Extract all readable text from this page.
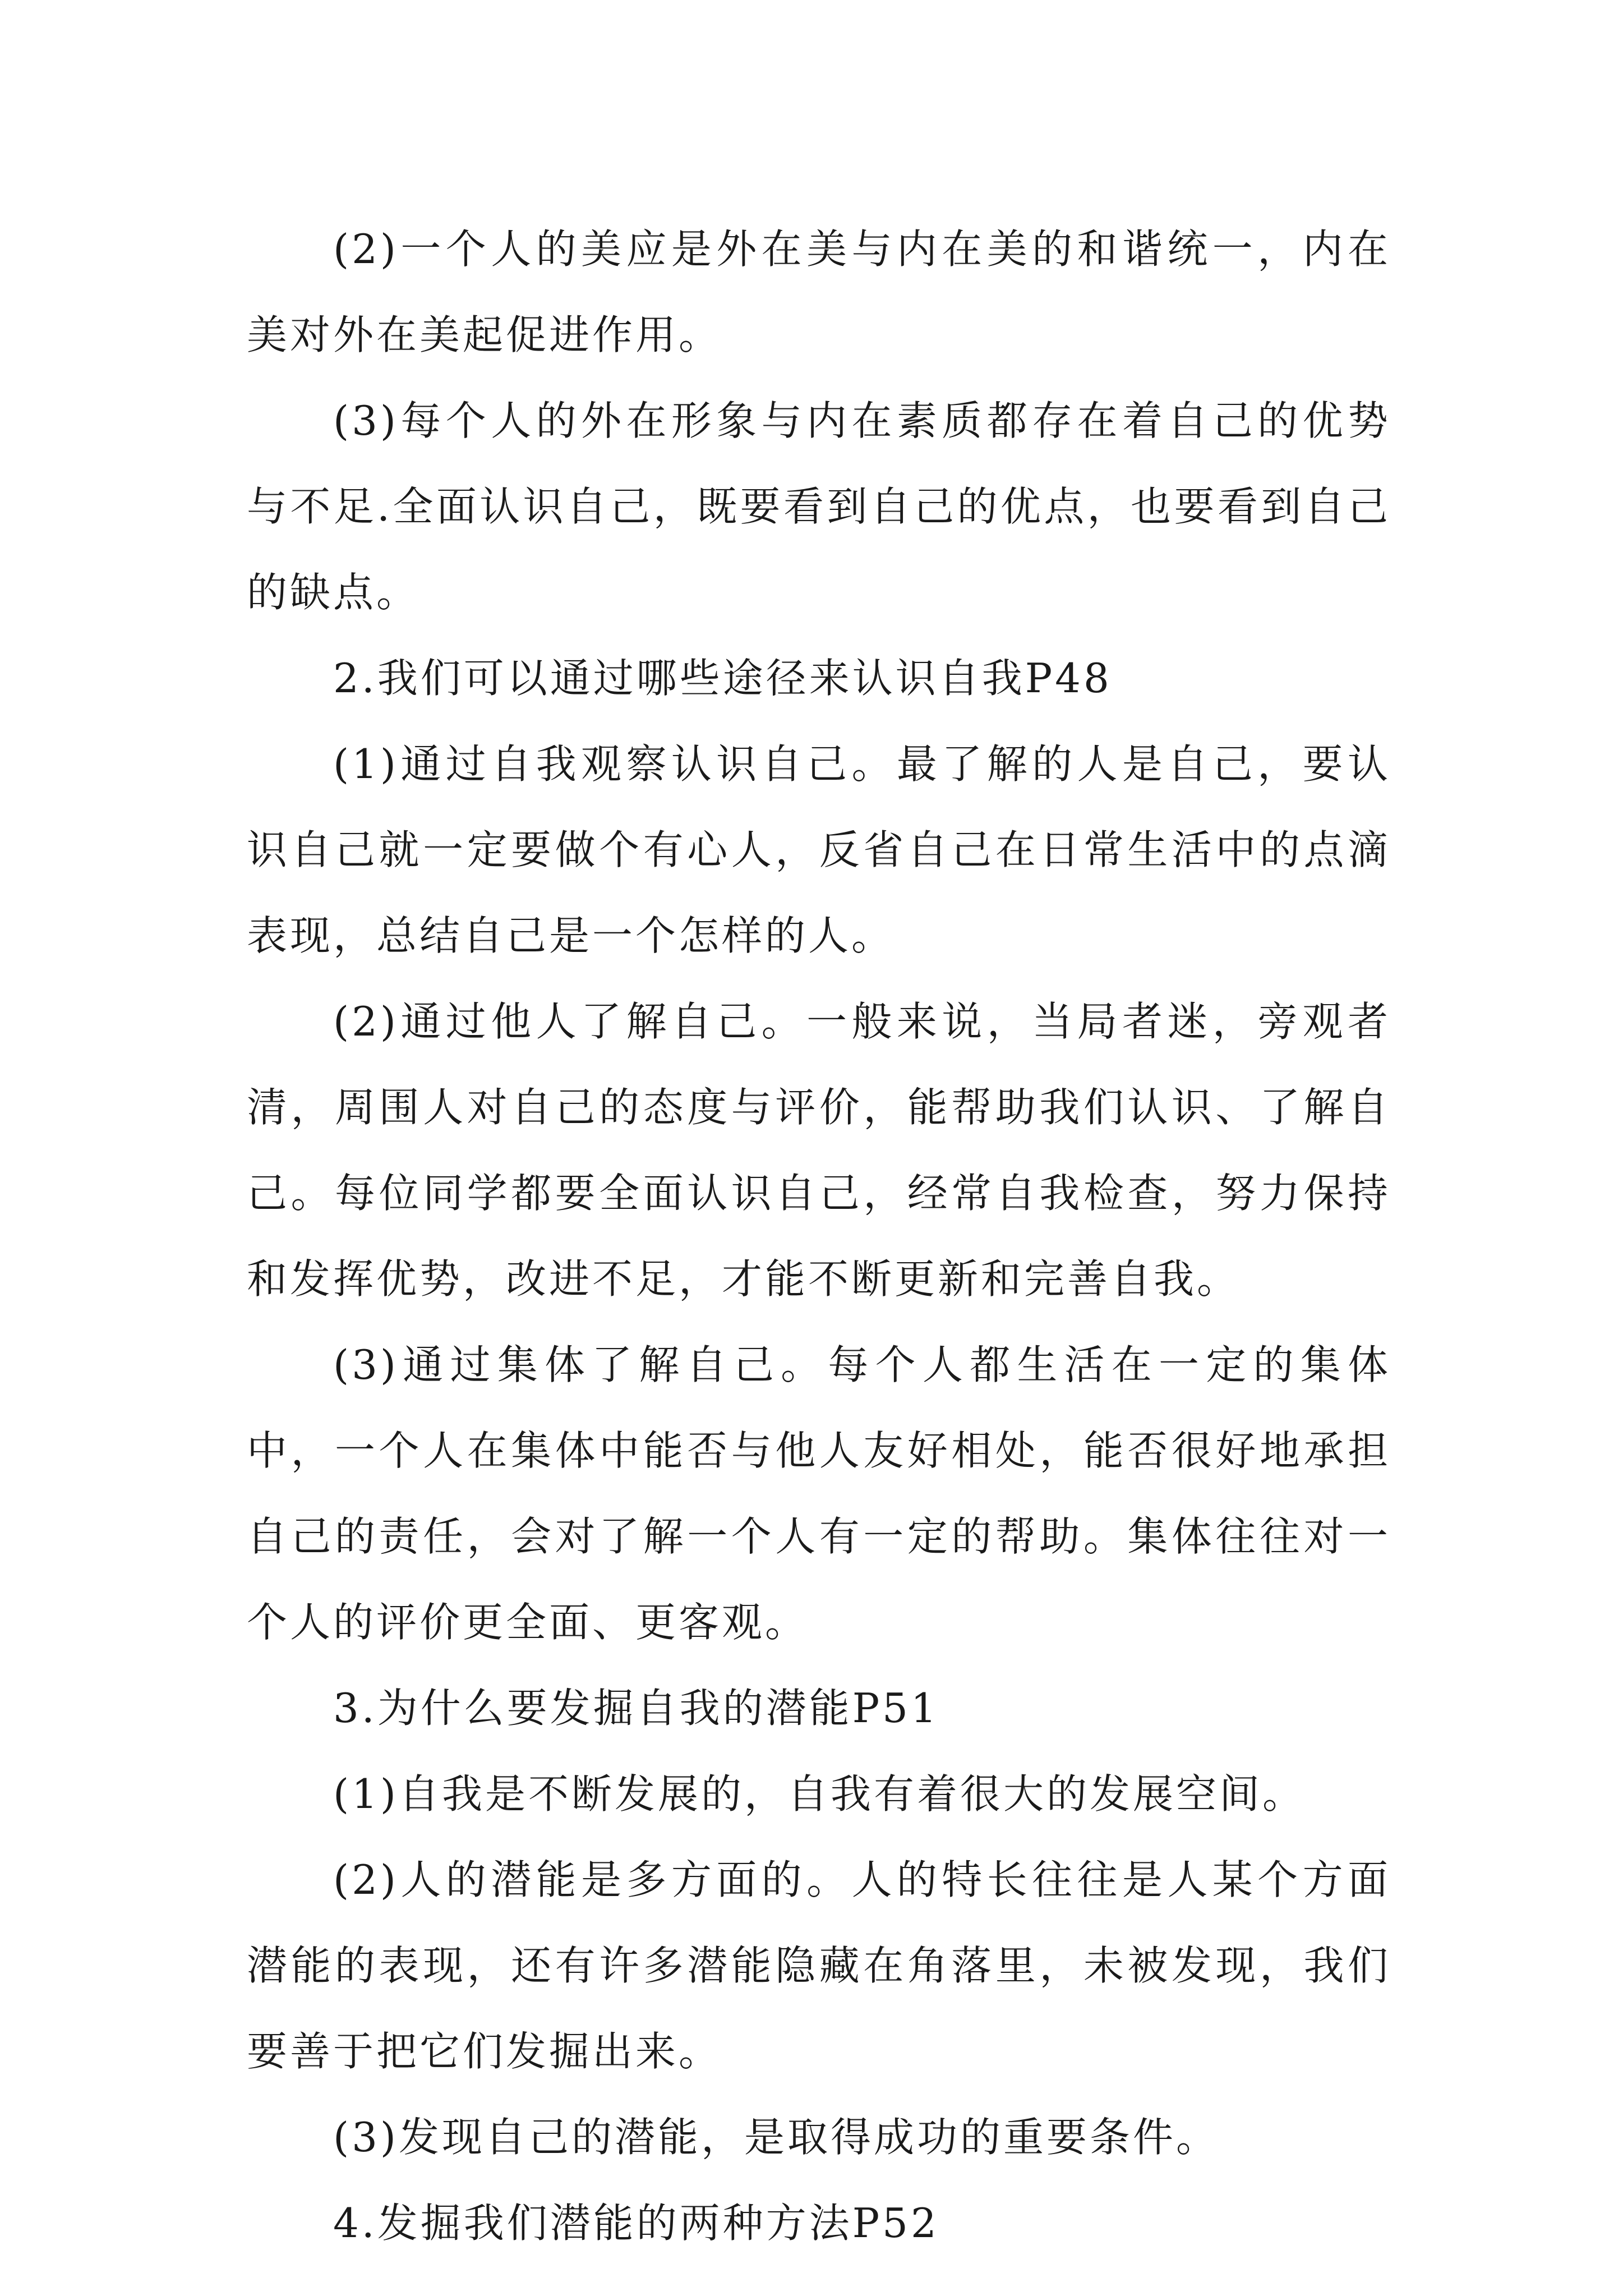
(2)一个人的美应是外在美与内在美的和谐统一，内在美对外在美起促进作用。

(3)每个人的外在形象与内在素质都存在着自己的优势与不足.全面认识自己，既要看到自己的优点，也要看到自己的缺点。

2.我们可以通过哪些途径来认识自我P48

(1)通过自我观察认识自己。最了解的人是自己，要认识自己就一定要做个有心人，反省自己在日常生活中的点滴表现，总结自己是一个怎样的人。

(2)通过他人了解自己。一般来说，当局者迷，旁观者清，周围人对自己的态度与评价，能帮助我们认识、了解自己。每位同学都要全面认识自己，经常自我检查，努力保持和发挥优势，改进不足，才能不断更新和完善自我。

(3)通过集体了解自己。每个人都生活在一定的集体中，一个人在集体中能否与他人友好相处，能否很好地承担自己的责任，会对了解一个人有一定的帮助。集体往往对一个人的评价更全面、更客观。

3.为什么要发掘自我的潜能P51

(1)自我是不断发展的，自我有着很大的发展空间。

(2)人的潜能是多方面的。人的特长往往是人某个方面潜能的表现，还有许多潜能隐藏在角落里，未被发现，我们要善于把它们发掘出来。

(3)发现自己的潜能，是取得成功的重要条件。

4.发掘我们潜能的两种方法P52
